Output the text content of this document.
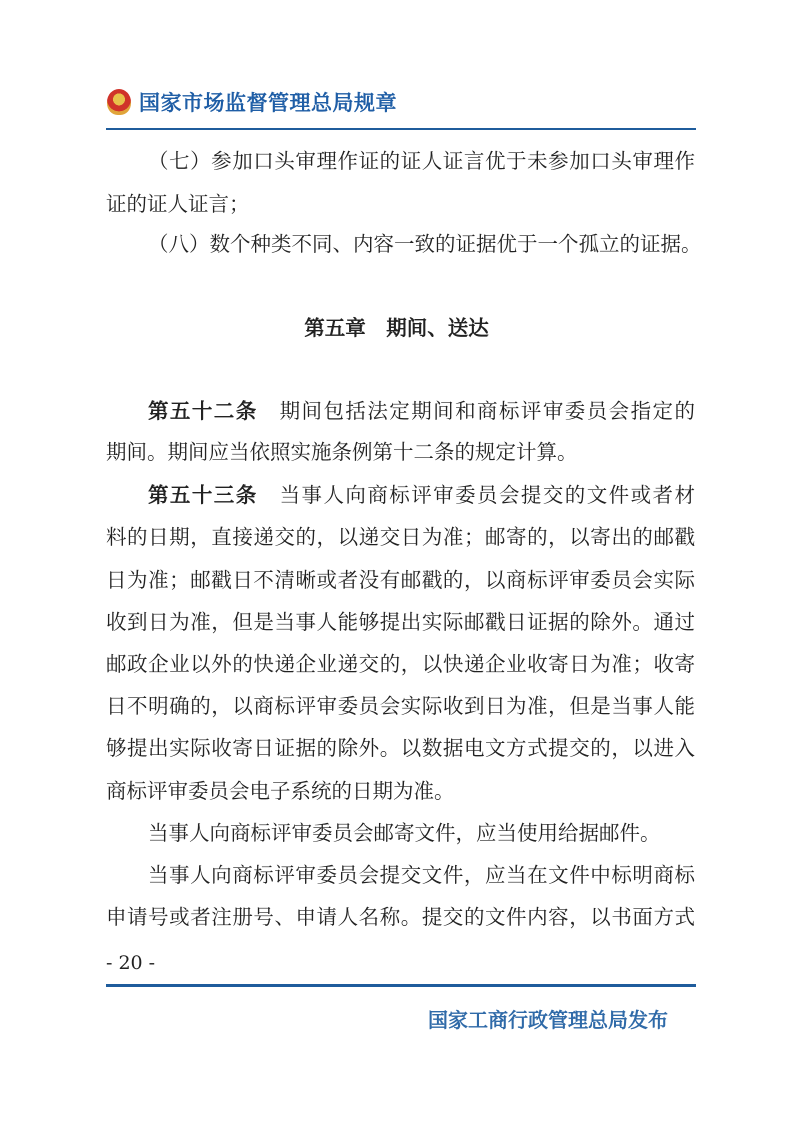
国家市场监督管理总局规章
（七）参加口头审理作证的证人证言优于未参加口头审理作
证的证人证言；
（八）数个种类不同、内容一致的证据优于一个孤立的证据。
第五十二条　期间包括法定期间和商标评审委员会指定的
期间。期间应当依照实施条例第十二条的规定计算。
第五十三条　当事人向商标评审委员会提交的文件或者材
料的日期，直接递交的，以递交日为准；邮寄的，以寄出的邮戳
日为准；邮戳日不清晰或者没有邮戳的，以商标评审委员会实际
收到日为准，但是当事人能够提出实际邮戳日证据的除外。通过
邮政企业以外的快递企业递交的，以快递企业收寄日为准；收寄
日不明确的，以商标评审委员会实际收到日为准，但是当事人能
够提出实际收寄日证据的除外。以数据电文方式提交的，以进入
商标评审委员会电子系统的日期为准。
当事人向商标评审委员会邮寄文件，应当使用给据邮件。
当事人向商标评审委员会提交文件，应当在文件中标明商标
申请号或者注册号、申请人名称。提交的文件内容，以书面方式
第五章　期间、送达
- 20 -
国家工商行政管理总局发布
